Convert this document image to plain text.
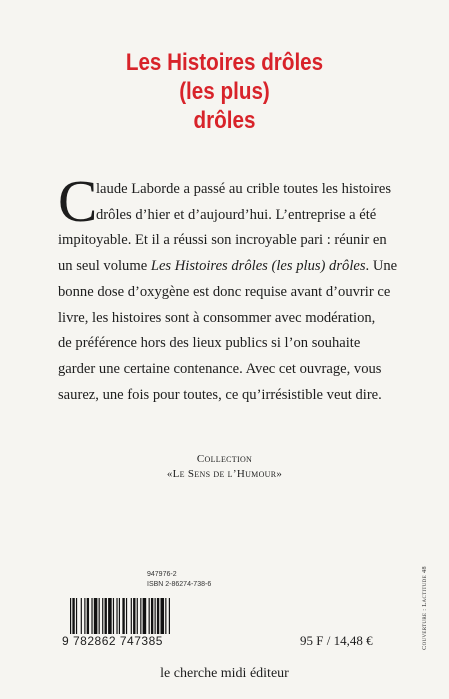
Les Histoires drôles
(les plus)
drôles
C
laude Laborde a passé au crible toutes les histoires
drôles d’hier et d’aujourd’hui. L’entreprise a été
impitoyable. Et il a réussi son incroyable pari : réunir en
un seul volume Les Histoires drôles (les plus) drôles. Une
bonne dose d’oxygène est donc requise avant d’ouvrir ce
livre, les histoires sont à consommer avec modération,
de préférence hors des lieux publics si l’on souhaite
garder une certaine contenance. Avec cet ouvrage, vous
saurez, une fois pour toutes, ce qu’irrésistible veut dire.
Collection
«Le Sens de l’Humour»
947976-2
ISBN 2-86274-738-6
9 782862 747385	95 F / 14,48 €
le cherche midi éditeur
Couverture : Lactitude 48
